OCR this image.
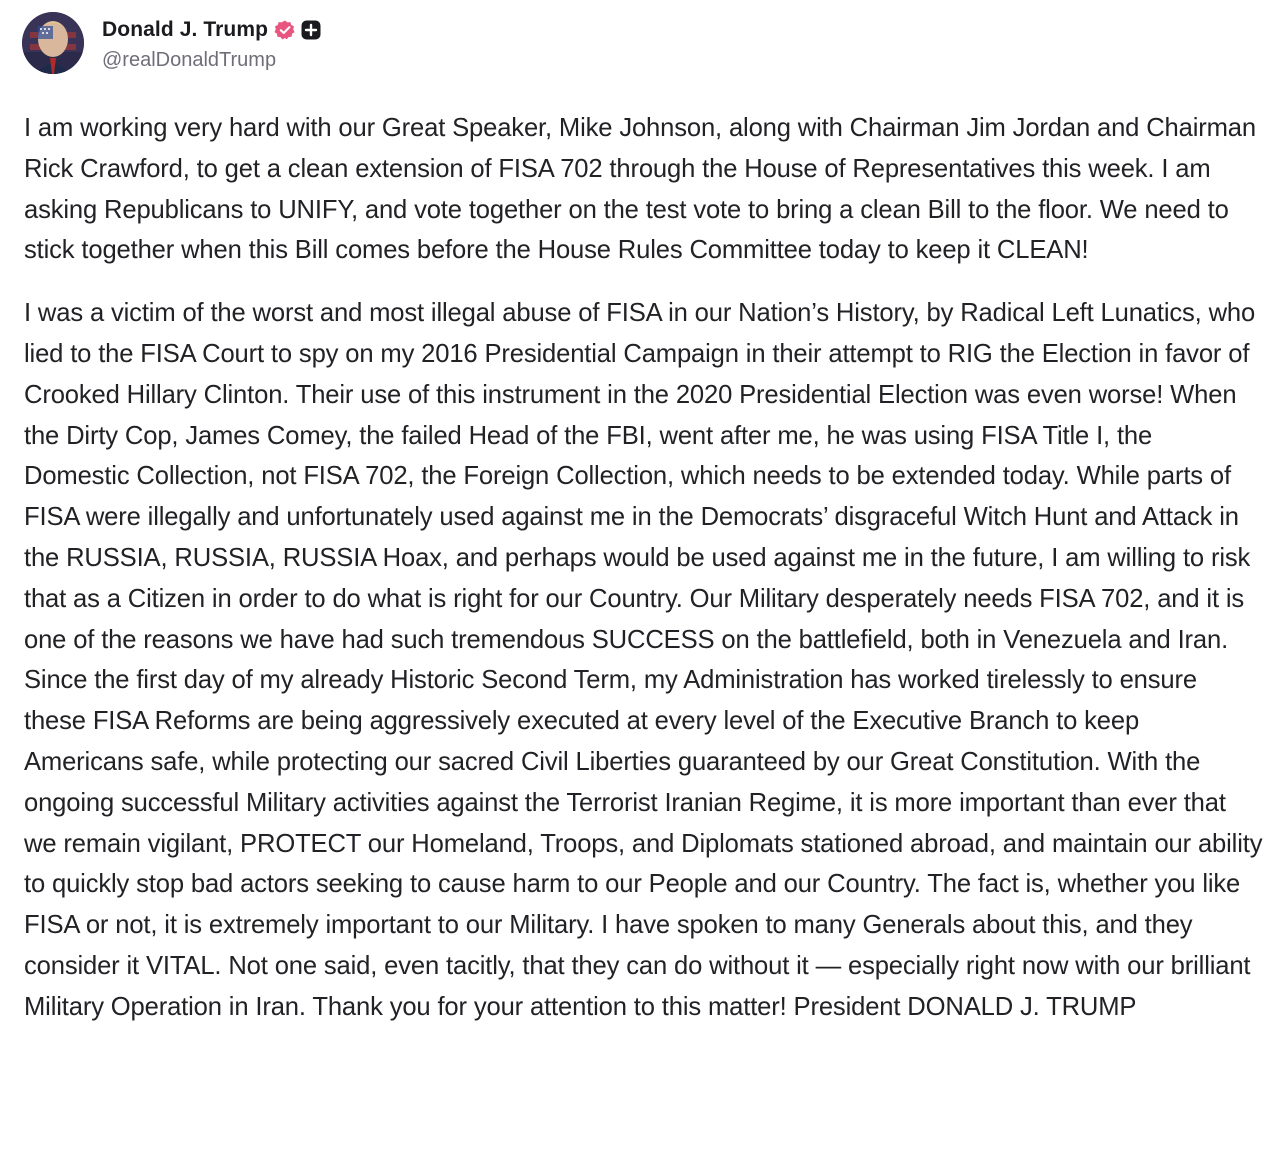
Donald J. Trump
@realDonaldTrump

I am working very hard with our Great Speaker, Mike Johnson, along with Chairman Jim Jordan and Chairman Rick Crawford, to get a clean extension of FISA 702 through the House of Representatives this week. I am asking Republicans to UNIFY, and vote together on the test vote to bring a clean Bill to the floor. We need to stick together when this Bill comes before the House Rules Committee today to keep it CLEAN!

I was a victim of the worst and most illegal abuse of FISA in our Nation’s History, by Radical Left Lunatics, who lied to the FISA Court to spy on my 2016 Presidential Campaign in their attempt to RIG the Election in favor of Crooked Hillary Clinton. Their use of this instrument in the 2020 Presidential Election was even worse! When the Dirty Cop, James Comey, the failed Head of the FBI, went after me, he was using FISA Title I, the Domestic Collection, not FISA 702, the Foreign Collection, which needs to be extended today. While parts of FISA were illegally and unfortunately used against me in the Democrats’ disgraceful Witch Hunt and Attack in the RUSSIA, RUSSIA, RUSSIA Hoax, and perhaps would be used against me in the future, I am willing to risk that as a Citizen in order to do what is right for our Country. Our Military desperately needs FISA 702, and it is one of the reasons we have had such tremendous SUCCESS on the battlefield, both in Venezuela and Iran. Since the first day of my already Historic Second Term, my Administration has worked tirelessly to ensure these FISA Reforms are being aggressively executed at every level of the Executive Branch to keep Americans safe, while protecting our sacred Civil Liberties guaranteed by our Great Constitution. With the ongoing successful Military activities against the Terrorist Iranian Regime, it is more important than ever that we remain vigilant, PROTECT our Homeland, Troops, and Diplomats stationed abroad, and maintain our ability to quickly stop bad actors seeking to cause harm to our People and our Country. The fact is, whether you like FISA or not, it is extremely important to our Military. I have spoken to many Generals about this, and they consider it VITAL. Not one said, even tacitly, that they can do without it — especially right now with our brilliant Military Operation in Iran. Thank you for your attention to this matter! President DONALD J. TRUMP
